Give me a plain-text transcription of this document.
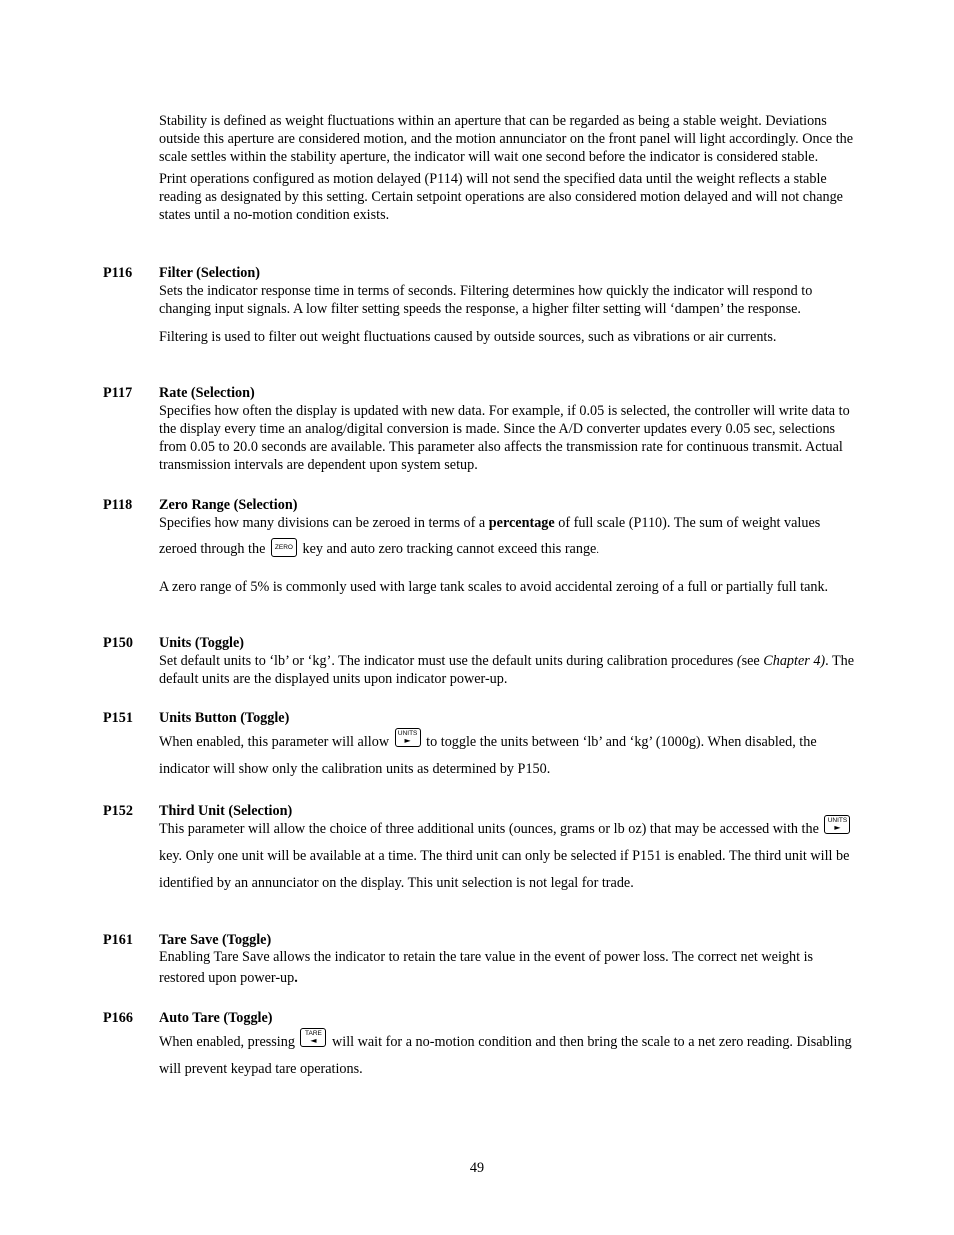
Stability is defined as weight fluctuations within an aperture that can be regarded as being a stable weight. Deviations outside this aperture are considered motion, and the motion annunciator on the front panel will light accordingly. Once the scale settles within the stability aperture, the indicator will wait one second before the indicator is considered stable.

Print operations configured as motion delayed (P114) will not send the specified data until the weight reflects a stable reading as designated by this setting. Certain setpoint operations are also considered motion delayed and will not change states until a no-motion condition exists.

P116 Filter (Selection)

Sets the indicator response time in terms of seconds. Filtering determines how quickly the indicator will respond to changing input signals. A low filter setting speeds the response, a higher filter setting will ‘dampen’ the response.

Filtering is used to filter out weight fluctuations caused by outside sources, such as vibrations or air currents.

P117 Rate (Selection)

Specifies how often the display is updated with new data. For example, if 0.05 is selected, the controller will write data to the display every time an analog/digital conversion is made. Since the A/D converter updates every 0.05 sec, selections from 0.05 to 20.0 seconds are available. This parameter also affects the transmission rate for continuous transmit. Actual transmission intervals are dependent upon system setup.

P118 Zero Range (Selection)

Specifies how many divisions can be zeroed in terms of a percentage of full scale (P110). The sum of weight values zeroed through the ZERO key and auto zero tracking cannot exceed this range.

A zero range of 5% is commonly used with large tank scales to avoid accidental zeroing of a full or partially full tank.

P150 Units (Toggle)

Set default units to ‘lb’ or ‘kg’. The indicator must use the default units during calibration procedures (see Chapter 4). The default units are the displayed units upon indicator power-up.

P151 Units Button (Toggle)

When enabled, this parameter will allow
UNITS
► to toggle the units between ‘lb’ and ‘kg’ (1000g). When disabled, the indicator will show only the calibration units as determined by P150.

P152 Third Unit (Selection)

This parameter will allow the choice of three additional units (ounces, grams or lb oz) that may be accessed with the
UNITS
►
key. Only one unit will be available at a time. The third unit can only be selected if P151 is enabled. The third unit will be identified by an annunciator on the display. This unit selection is not legal for trade.

P161 Tare Save (Toggle)

Enabling Tare Save allows the indicator to retain the tare value in the event of power loss. The correct net weight is restored upon power-up.

P166 Auto Tare (Toggle)

When enabled, pressing
TARE
◄ will wait for a no-motion condition and then bring the scale to a net zero reading. Disabling will prevent keypad tare operations.

49
